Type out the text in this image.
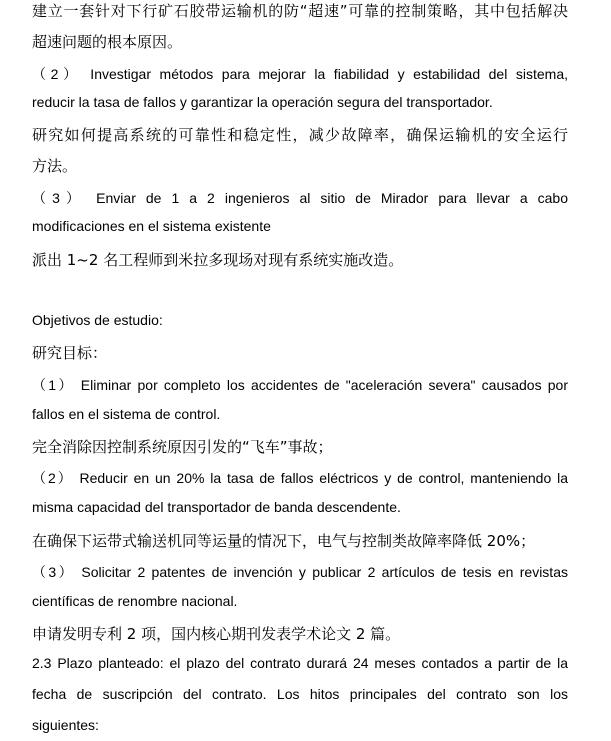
建立一套针对下行矿石胶带运输机的防“超速”可靠的控制策略，其中包括解决
超速问题的根本原因。
（2） Investigar métodos para mejorar la fiabilidad y estabilidad del sistema,
reducir la tasa de fallos y garantizar la operación segura del transportador.
研究如何提高系统的可靠性和稳定性，减少故障率，确保运输机的安全运行
方法。
（3） Enviar de 1 a 2 ingenieros al sitio de Mirador para llevar a cabo
modificaciones en el sistema existente
派出 1~2 名工程师到米拉多现场对现有系统实施改造。
Objetivos de estudio:
研究目标：
（1） Eliminar por completo los accidentes de "aceleración severa" causados por
fallos en el sistema de control.
完全消除因控制系统原因引发的“飞车”事故；
（2） Reducir en un 20% la tasa de fallos eléctricos y de control, manteniendo la
misma capacidad del transportador de banda descendente.
在确保下运带式输送机同等运量的情况下，电气与控制类故障率降低 20%；
（3） Solicitar 2 patentes de invención y publicar 2 artículos de tesis en revistas
científicas de renombre nacional.
申请发明专利 2 项，国内核心期刊发表学术论文 2 篇。
2.3 Plazo planteado: el plazo del contrato durará 24 meses contados a partir de la
fecha de suscripción del contrato. Los hitos principales del contrato son los
siguientes:
